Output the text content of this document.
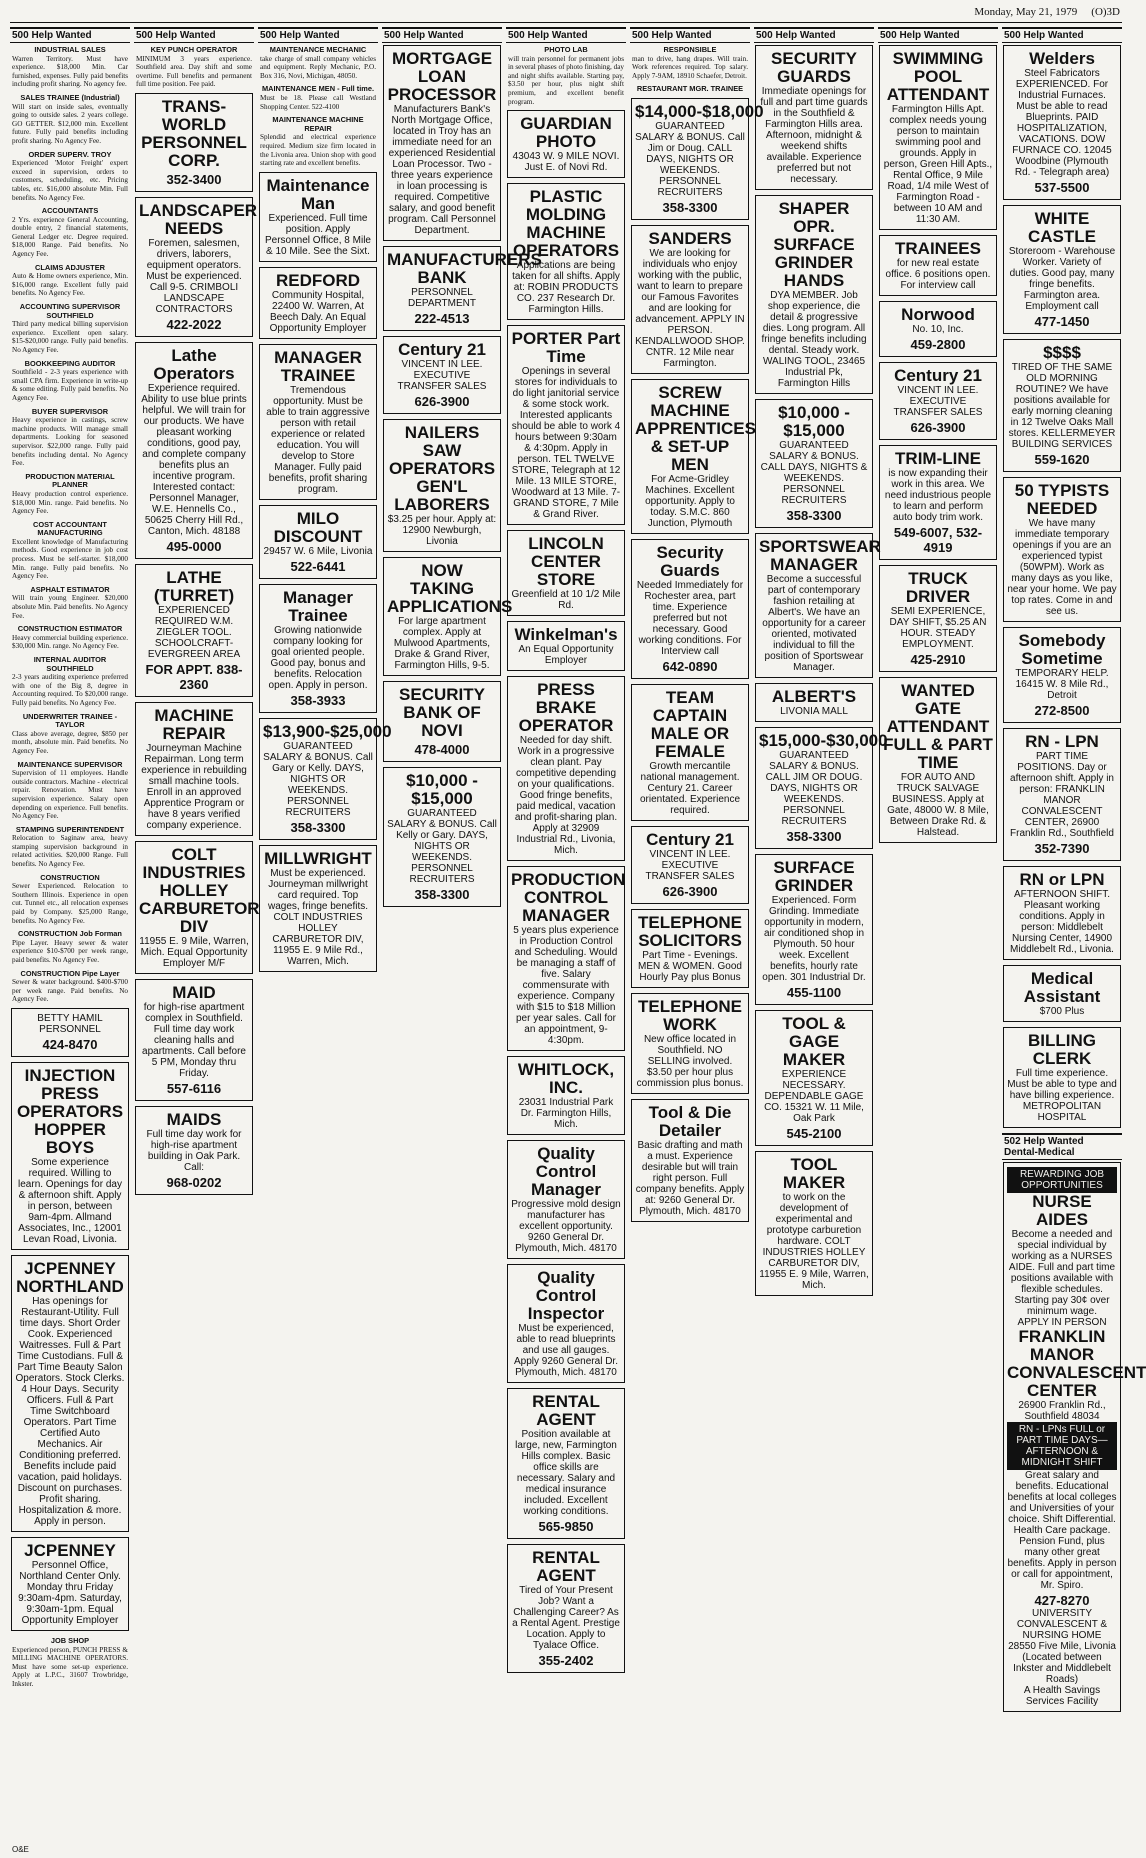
Monday, May 21, 1979 (O)3D
500 Help Wanted
INDUSTRIAL SALES
Warren Territory. Must have experience. $18,000 Min. Car furnished, expenses. Fully paid benefits including profit sharing. No agency fee.
SALES TRAINEE (Industrial)
Will start on inside sales, eventually going to outside sales. 2 years college. GO GETTER. $12,000 min. Excellent future. Fully paid benefits including profit sharing. No Agency Fee.
ORDER SUPERV. TROY
Experienced 'Motor Freight' expert exceed in supervision, orders to customers, scheduling, etc. Pricing tables, etc. $16,000 absolute Min. Full benefits. No Agency Fee.
ACCOUNTANTS
2 Yrs. experience General Accounting, double entry, 2 financial statements, General Ledger etc. Degree required. $18,000 Range. Paid benefits. No Agency Fee.
CLAIMS ADJUSTER
Auto & Home owners experience, Min. $16,000 range. Excellent fully paid benefits. No Agency Fee.
ACCOUNTING SUPERVISOR SOUTHFIELD
Third party medical billing supervision experience. Excellent open salary. $15-$20,000 range. Fully paid benefits. No Agency Fee.
BOOKKEEPING AUDITOR
Southfield - 2-3 years experience with small CPA firm. Experience in write-up & some editing. Fully paid benefits. No Agency Fee.
BUYER SUPERVISOR
Heavy experience in castings, screw machine products. Will manage small departments. Looking for seasoned supervisor. $22,000 range. Fully paid benefits including dental. No Agency Fee.
PRODUCTION MATERIAL PLANNER
Heavy production control experience. $18,000 Min. range. Paid benefits. No Agency Fee.
COST ACCOUNTANT MANUFACTURING
Excellent knowledge of Manufacturing methods. Good experience in job cost process. Must be self-starter. $18,000 Min. range. Fully paid benefits. No Agency Fee.
ASPHALT ESTIMATOR
Will train young Engineer. $20,000 absolute Min. Paid benefits. No Agency Fee.
CONSTRUCTION ESTIMATOR
Heavy commercial building experience. $30,000 Min. range. No Agency Fee.
INTERNAL AUDITOR SOUTHFIELD
2-3 years auditing experience preferred with one of the Big 8, degree in Accounting required. To $20,000 range. Fully paid benefits. No Agency Fee.
UNDERWRITER TRAINEE - TAYLOR
Class above average, degree, $850 per month, absolute min. Paid benefits. No Agency Fee.
MAINTENANCE SUPERVISOR
Supervision of 11 employees. Handle outside contractors. Machine - electrical repair. Renovation. Must have supervision experience. Salary open depending on experience. Full benefits. No Agency Fee.
STAMPING SUPERINTENDENT
Relocation to Saginaw area, heavy stamping supervision background in related activities. $20,000 Range. Full benefits. No Agency Fee.
CONSTRUCTION
Sewer Experienced. Relocation to Southern Illinois. Experience in open cut. Tunnel etc., all relocation expenses paid by Company. $25,000 Range, benefits. No Agency Fee.
CONSTRUCTION Job Forman
Pipe Layer. Heavy sewer & water experience $10-$700 per week range, paid benefits. No Agency Fee.
CONSTRUCTION Pipe Layer
Sewer & water background. $400-$700 per week range. Paid benefits. No Agency Fee.
BETTY HAMIL PERSONNEL
424-8470
INJECTION PRESS OPERATORS HOPPER BOYS
Some experience required. Willing to learn. Openings for day & afternoon shift. Apply in person, between 9am-4pm. Allmand Associates, Inc., 12001 Levan Road, Livonia.
JCPENNEY NORTHLAND
Has openings for Restaurant-Utility. Full time days. Short Order Cook. Experienced Waitresses. Full & Part Time Custodians. Full & Part Time Beauty Salon Operators. Stock Clerks. 4 Hour Days. Security Officers. Full & Part Time Switchboard Operators. Part Time Certified Auto Mechanics. Air Conditioning preferred. Benefits include paid vacation, paid holidays. Discount on purchases. Profit sharing. Hospitalization & more. Apply in person.
JCPENNEY
Personnel Office, Northland Center Only. Monday thru Friday 9:30am-4pm. Saturday, 9:30am-1pm. Equal Opportunity Employer
JOB SHOP
Experienced person, PUNCH PRESS & MILLING MACHINE OPERATORS. Must have some set-up experience. Apply at L.P.C., 31607 Trowbridge, Inkster.
500 Help Wanted
KEY PUNCH OPERATOR
MINIMUM 3 years experience. Southfield area. Day shift and some overtime. Full benefits and permanent full time position. Fee paid.
TRANS-WORLD PERSONNEL CORP.
352-3400
LANDSCAPER NEEDS
Foremen, salesmen, drivers, laborers, equipment operators. Must be experienced. Call 9-5. CRIMBOLI LANDSCAPE CONTRACTORS
422-2022
Lathe Operators
Experience required. Ability to use blue prints helpful. We will train for our products. We have pleasant working conditions, good pay, and complete company benefits plus an incentive program. Interested contact: Personnel Manager, W.E. Hennells Co., 50625 Cherry Hill Rd., Canton, Mich. 48188
495-0000
LATHE (TURRET)
EXPERIENCED REQUIRED W.M. ZIEGLER TOOL. SCHOOLCRAFT-EVERGREEN AREA
FOR APPT. 838-2360
MACHINE REPAIR
Journeyman Machine Repairman. Long term experience in rebuilding small machine tools. Enroll in an approved Apprentice Program or have 8 years verified company experience.
COLT INDUSTRIES HOLLEY CARBURETOR DIV
11955 E. 9 Mile, Warren, Mich. Equal Opportunity Employer M/F
MAID
for high-rise apartment complex in Southfield. Full time day work cleaning halls and apartments. Call before 5 PM, Monday thru Friday.
557-6116
MAIDS
Full time day work for high-rise apartment building in Oak Park. Call:
968-0202
500 Help Wanted
MAINTENANCE MECHANIC
take charge of small company vehicles and equipment. Reply Mechanic, P.O. Box 316, Novi, Michigan, 48050.
MAINTENANCE MEN - Full time.
Must be 18. Please call Westland Shopping Center. 522-4100
MAINTENANCE MACHINE REPAIR
Splendid and electrical experience required. Medium size firm located in the Livonia area. Union shop with good starting rate and excellent benefits.
Maintenance Man
Experienced. Full time position. Apply Personnel Office, 8 Mile & 10 Mile. See the Sixt.
REDFORD
Community Hospital, 22400 W. Warren, At Beech Daly. An Equal Opportunity Employer
MANAGER TRAINEE
Tremendous opportunity. Must be able to train aggressive person with retail experience or related education. You will develop to Store Manager. Fully paid benefits, profit sharing program.
MILO DISCOUNT
29457 W. 6 Mile, Livonia
522-6441
Manager Trainee
Growing nationwide company looking for goal oriented people. Good pay, bonus and benefits. Relocation open. Apply in person.
358-3933
$13,900-$25,000
GUARANTEED SALARY & BONUS. Call Gary or Kelly. DAYS, NIGHTS OR WEEKENDS. PERSONNEL RECRUITERS
358-3300
MILLWRIGHT
Must be experienced. Journeyman millwright card required. Top wages, fringe benefits. COLT INDUSTRIES HOLLEY CARBURETOR DIV, 11955 E. 9 Mile Rd., Warren, Mich.
500 Help Wanted
MORTGAGE LOAN PROCESSOR
Manufacturers Bank's North Mortgage Office, located in Troy has an immediate need for an experienced Residential Loan Processor. Two - three years experience in loan processing is required. Competitive salary, and good benefit program. Call Personnel Department.
MANUFACTURERS BANK
PERSONNEL DEPARTMENT
222-4513
Century 21
VINCENT IN LEE. EXECUTIVE TRANSFER SALES
626-3900
NAILERS SAW OPERATORS GEN'L LABORERS
$3.25 per hour. Apply at: 12900 Newburgh, Livonia
NOW TAKING APPLICATIONS
For large apartment complex. Apply at Mulwood Apartments, Drake & Grand River, Farmington Hills, 9-5.
SECURITY BANK OF NOVI
478-4000
$10,000 - $15,000
GUARANTEED SALARY & BONUS. Call Kelly or Gary. DAYS, NIGHTS OR WEEKENDS. PERSONNEL RECRUITERS
358-3300
500 Help Wanted
PHOTO LAB
will train personnel for permanent jobs in several phases of photo finishing, day and night shifts available. Starting pay, $3.50 per hour, plus night shift premium, and excellent benefit program.
GUARDIAN PHOTO
43043 W. 9 MILE NOVI. Just E. of Novi Rd.
PLASTIC MOLDING MACHINE OPERATORS
Applications are being taken for all shifts. Apply at: ROBIN PRODUCTS CO. 237 Research Dr. Farmington Hills.
PORTER Part Time
Openings in several stores for individuals to do light janitorial service & some stock work. Interested applicants should be able to work 4 hours between 9:30am & 4:30pm. Apply in person. TEL TWELVE STORE, Telegraph at 12 Mile. 13 MILE STORE, Woodward at 13 Mile. 7-GRAND STORE, 7 Mile & Grand River.
LINCOLN CENTER STORE
Greenfield at 10 1/2 Mile Rd.
Winkelman's
An Equal Opportunity Employer
PRESS BRAKE OPERATOR
Needed for day shift. Work in a progressive clean plant. Pay competitive depending on your qualifications. Good fringe benefits, paid medical, vacation and profit-sharing plan. Apply at 32909 Industrial Rd., Livonia, Mich.
PRODUCTION CONTROL MANAGER
5 years plus experience in Production Control and Scheduling. Would be managing a staff of five. Salary commensurate with experience. Company with $15 to $18 Million per year sales. Call for an appointment, 9-4:30pm.
WHITLOCK, INC.
23031 Industrial Park Dr. Farmington Hills, Mich.
Quality Control Manager
Progressive mold design manufacturer has excellent opportunity. 9260 General Dr. Plymouth, Mich. 48170
Quality Control Inspector
Must be experienced, able to read blueprints and use all gauges. Apply 9260 General Dr. Plymouth, Mich. 48170
RENTAL AGENT
Position available at large, new, Farmington Hills complex. Basic office skills are necessary. Salary and medical insurance included. Excellent working conditions.
565-9850
RENTAL AGENT
Tired of Your Present Job? Want a Challenging Career? As a Rental Agent. Prestige Location. Apply to Tyalace Office.
355-2402
500 Help Wanted
RESPONSIBLE
man to drive, hang drapes. Will train. Work references required. Top salary. Apply 7-9AM, 18910 Schaefer, Detroit.
RESTAURANT MGR. TRAINEE
$14,000-$18,000
GUARANTEED SALARY & BONUS. Call Jim or Doug. CALL DAYS, NIGHTS OR WEEKENDS. PERSONNEL RECRUITERS
358-3300
SANDERS
We are looking for individuals who enjoy working with the public, want to learn to prepare our Famous Favorites and are looking for advancement. APPLY IN PERSON. KENDALLWOOD SHOP. CNTR. 12 Mile near Farmington.
SCREW MACHINE APPRENTICES & SET-UP MEN
For Acme-Gridley Machines. Excellent opportunity. Apply to today. S.M.C. 860 Junction, Plymouth
Security Guards
Needed Immediately for Rochester area, part time. Experience preferred but not necessary. Good working conditions. For Interview call
642-0890
TEAM CAPTAIN MALE OR FEMALE
Growth mercantile national management. Century 21. Career orientated. Experience required.
Century 21
VINCENT IN LEE. EXECUTIVE TRANSFER SALES
626-3900
TELEPHONE SOLICITORS
Part Time - Evenings. MEN & WOMEN. Good Hourly Pay plus Bonus
TELEPHONE WORK
New office located in Southfield. NO SELLING involved. $3.50 per hour plus commission plus bonus.
Tool & Die Detailer
Basic drafting and math a must. Experience desirable but will train right person. Full company benefits. Apply at: 9260 General Dr. Plymouth, Mich. 48170
500 Help Wanted
SECURITY GUARDS
Immediate openings for full and part time guards in the Southfield & Farmington Hills area. Afternoon, midnight & weekend shifts available. Experience preferred but not necessary.
SHAPER OPR. SURFACE GRINDER HANDS
DYA MEMBER. Job shop experience, die detail & progressive dies. Long program. All fringe benefits including dental. Steady work. WALING TOOL, 23465 Industrial Pk, Farmington Hills
$10,000 - $15,000
GUARANTEED SALARY & BONUS. CALL DAYS, NIGHTS & WEEKENDS. PERSONNEL RECRUITERS
358-3300
SPORTSWEAR MANAGER
Become a successful part of contemporary fashion retailing at Albert's. We have an opportunity for a career oriented, motivated individual to fill the position of Sportswear Manager.
ALBERT'S
LIVONIA MALL
$15,000-$30,000
GUARANTEED SALARY & BONUS. CALL JIM OR DOUG. DAYS, NIGHTS OR WEEKENDS. PERSONNEL RECRUITERS
358-3300
SURFACE GRINDER
Experienced. Form Grinding. Immediate opportunity in modern, air conditioned shop in Plymouth. 50 hour week. Excellent benefits, hourly rate open. 301 Industrial Dr.
455-1100
TOOL & GAGE MAKER
EXPERIENCE NECESSARY. DEPENDABLE GAGE CO. 15321 W. 11 Mile, Oak Park
545-2100
TOOL MAKER
to work on the development of experimental and prototype carburetion hardware. COLT INDUSTRIES HOLLEY CARBURETOR DIV, 11955 E. 9 Mile, Warren, Mich.
500 Help Wanted
SWIMMING POOL ATTENDANT
Farmington Hills Apt. complex needs young person to maintain swimming pool and grounds. Apply in person, Green Hill Apts., Rental Office, 9 Mile Road, 1/4 mile West of Farmington Road - between 10 AM and 11:30 AM.
TRAINEES
for new real estate office. 6 positions open. For interview call
Norwood
No. 10, Inc.
459-2800
Century 21
VINCENT IN LEE. EXECUTIVE TRANSFER SALES
626-3900
TRIM-LINE
is now expanding their work in this area. We need industrious people to learn and perform auto body trim work.
549-6007, 532-4919
TRUCK DRIVER
SEMI EXPERIENCE, DAY SHIFT, $5.25 AN HOUR. STEADY EMPLOYMENT.
425-2910
WANTED GATE ATTENDANT FULL & PART TIME
FOR AUTO AND TRUCK SALVAGE BUSINESS. Apply at Gate, 48000 W. 8 Mile, Between Drake Rd. & Halstead.
500 Help Wanted
Welders
Steel Fabricators EXPERIENCED. For Industrial Furnaces. Must be able to read Blueprints. PAID HOSPITALIZATION, VACATIONS. DOW FURNACE CO. 12045 Woodbine (Plymouth Rd. - Telegraph area)
537-5500
WHITE CASTLE
Storeroom - Warehouse Worker. Variety of duties. Good pay, many fringe benefits. Farmington area. Employment call
477-1450
$$$$
TIRED OF THE SAME OLD MORNING ROUTINE? We have positions available for early morning cleaning in 12 Twelve Oaks Mall stores. KELLERMEYER BUILDING SERVICES
559-1620
50 TYPISTS NEEDED
We have many immediate temporary openings if you are an experienced typist (50WPM). Work as many days as you like, near your home. We pay top rates. Come in and see us.
Somebody Sometime
TEMPORARY HELP. 16415 W. 8 Mile Rd., Detroit
272-8500
RN - LPN
PART TIME POSITIONS. Day or afternoon shift. Apply in person: FRANKLIN MANOR CONVALESCENT CENTER, 26900 Franklin Rd., Southfield
352-7390
RN or LPN
AFTERNOON SHIFT. Pleasant working conditions. Apply in person: Middlebelt Nursing Center, 14900 Middlebelt Rd., Livonia.
Medical Assistant
$700 Plus
BILLING CLERK
Full time experience. Must be able to type and have billing experience. METROPOLITAN HOSPITAL
502 Help Wanted Dental-Medical
REWARDING JOB OPPORTUNITIES
NURSE AIDES
Become a needed and special individual by working as a NURSES AIDE. Full and part time positions available with flexible schedules. Starting pay 30¢ over minimum wage.
APPLY IN PERSON
FRANKLIN MANOR CONVALESCENT CENTER
26900 Franklin Rd., Southfield 48034
RN - LPNs FULL or PART TIME DAYS—AFTERNOON & MIDNIGHT SHIFT
Great salary and benefits. Educational benefits at local colleges and Universities of your choice. Shift Differential. Health Care package. Pension Fund, plus many other great benefits. Apply in person or call for appointment, Mr. Spiro.
427-8270
UNIVERSITY CONVALESCENT & NURSING HOME
28550 Five Mile, Livonia (Located between Inkster and Middlebelt Roads)
A Health Savings Services Facility
O&E
